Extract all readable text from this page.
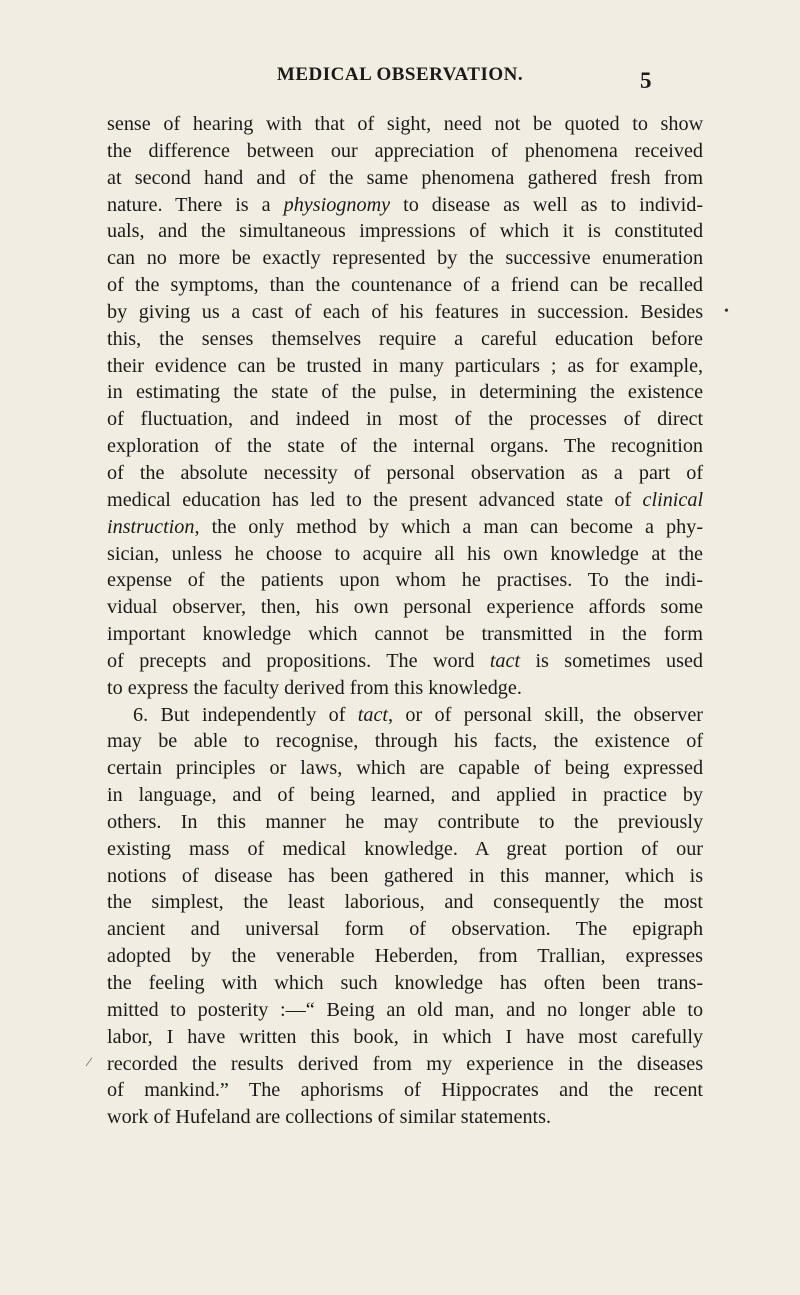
MEDICAL OBSERVATION.	5
sense of hearing with that of sight, need not be quoted to show
the difference between our appreciation of phenomena received
at second hand and of the same phenomena gathered fresh from
nature. There is a physiognomy to disease as well as to individ-
uals, and the simultaneous impressions of which it is constituted
can no more be exactly represented by the successive enumeration
of the symptoms, than the countenance of a friend can be recalled
by giving us a cast of each of his features in succession. Besides
this, the senses themselves require a careful education before
their evidence can be trusted in many particulars ; as for example,
in estimating the state of the pulse, in determining the existence
of fluctuation, and indeed in most of the processes of direct
exploration of the state of the internal organs. The recognition
of the absolute necessity of personal observation as a part of
medical education has led to the present advanced state of clinical
instruction, the only method by which a man can become a phy-
sician, unless he choose to acquire all his own knowledge at the
expense of the patients upon whom he practises. To the indi-
vidual observer, then, his own personal experience affords some
important knowledge which cannot be transmitted in the form
of precepts and propositions. The word tact is sometimes used
to express the faculty derived from this knowledge.
6. But independently of tact, or of personal skill, the observer
may be able to recognise, through his facts, the existence of
certain principles or laws, which are capable of being expressed
in language, and of being learned, and applied in practice by
others. In this manner he may contribute to the previously
existing mass of medical knowledge. A great portion of our
notions of disease has been gathered in this manner, which is
the simplest, the least laborious, and consequently the most
ancient and universal form of observation. The epigraph
adopted by the venerable Heberden, from Trallian, expresses
the feeling with which such knowledge has often been trans-
mitted to posterity :—“ Being an old man, and no longer able to
labor, I have written this book, in which I have most carefully
recorded the results derived from my experience in the diseases
of mankind.” The aphorisms of Hippocrates and the recent
work of Hufeland are collections of similar statements.
•
⁄
